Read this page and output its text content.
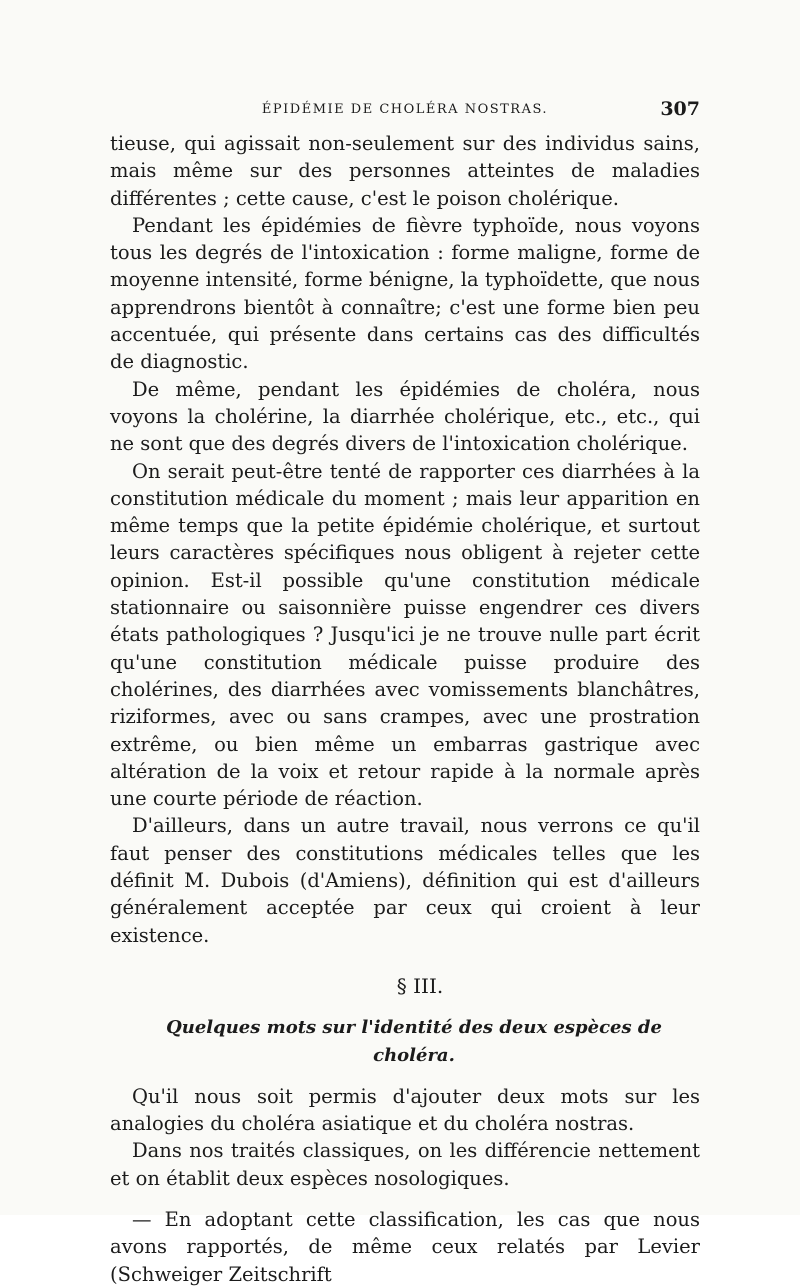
ÉPIDÉMIE DE CHOLÉRA NOSTRAS.	307

tieuse, qui agissait non-seulement sur des individus sains, mais même sur des personnes atteintes de maladies différentes ; cette cause, c'est le poison cholérique.

Pendant les épidémies de fièvre typhoïde, nous voyons tous les degrés de l'intoxication : forme maligne, forme de moyenne intensité, forme bénigne, la typhoïdette, que nous apprendrons bientôt à connaître; c'est une forme bien peu accentuée, qui présente dans certains cas des difficultés de diagnostic.

De même, pendant les épidémies de choléra, nous voyons la cholérine, la diarrhée cholérique, etc., etc., qui ne sont que des degrés divers de l'intoxication cholérique.

On serait peut-être tenté de rapporter ces diarrhées à la constitution médicale du moment ; mais leur apparition en même temps que la petite épidémie cholérique, et surtout leurs caractères spécifiques nous obligent à rejeter cette opinion. Est-il possible qu'une constitution médicale stationnaire ou saisonnière puisse engendrer ces divers états pathologiques ? Jusqu'ici je ne trouve nulle part écrit qu'une constitution médicale puisse produire des cholérines, des diarrhées avec vomissements blanchâtres, riziformes, avec ou sans crampes, avec une prostration extrême, ou bien même un embarras gastrique avec altération de la voix et retour rapide à la normale après une courte période de réaction.

D'ailleurs, dans un autre travail, nous verrons ce qu'il faut penser des constitutions médicales telles que les définit M. Dubois (d'Amiens), définition qui est d'ailleurs généralement acceptée par ceux qui croient à leur existence.

§ III.
Quelques mots sur l'identité des deux espèces de choléra.

Qu'il nous soit permis d'ajouter deux mots sur les analogies du choléra asiatique et du choléra nostras.

Dans nos traités classiques, on les différencie nettement et on établit deux espèces nosologiques.

— En adoptant cette classification, les cas que nous avons rapportés, de même ceux relatés par Levier (Schweiger Zeitschrift
